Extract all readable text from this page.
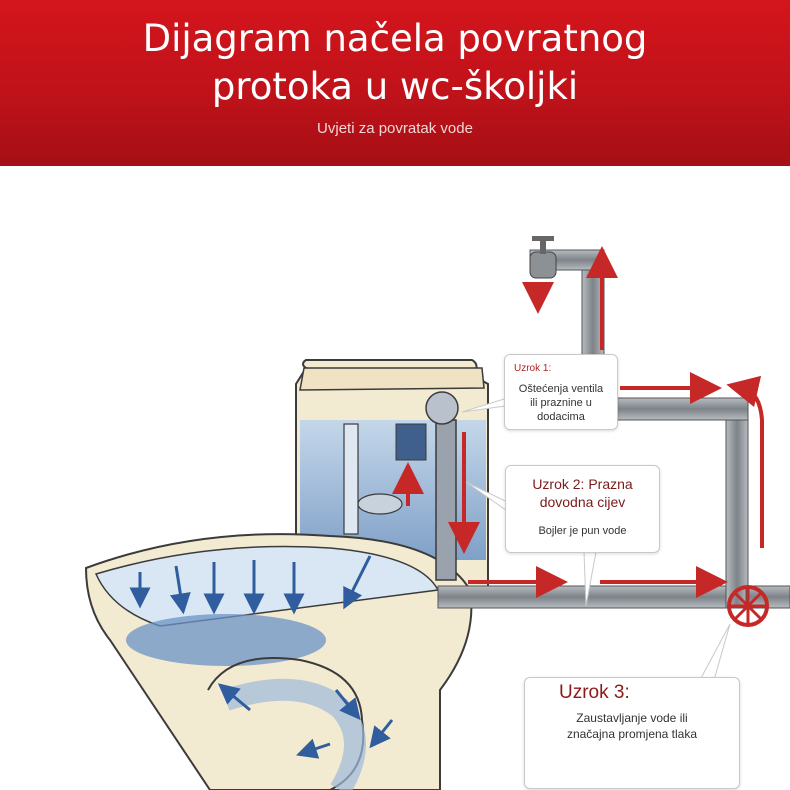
Dijagram načela povratnog
protoka u wc-školjki
Uvjeti za povratak vode
Uzrok 1:
Oštećenja ventila
ili praznine u
dodacima
Uzrok 2: Prazna
dovodna cijev
Bojler je pun vode
Uzrok 3:
Zaustavljanje vode ili
značajna promjena tlaka
